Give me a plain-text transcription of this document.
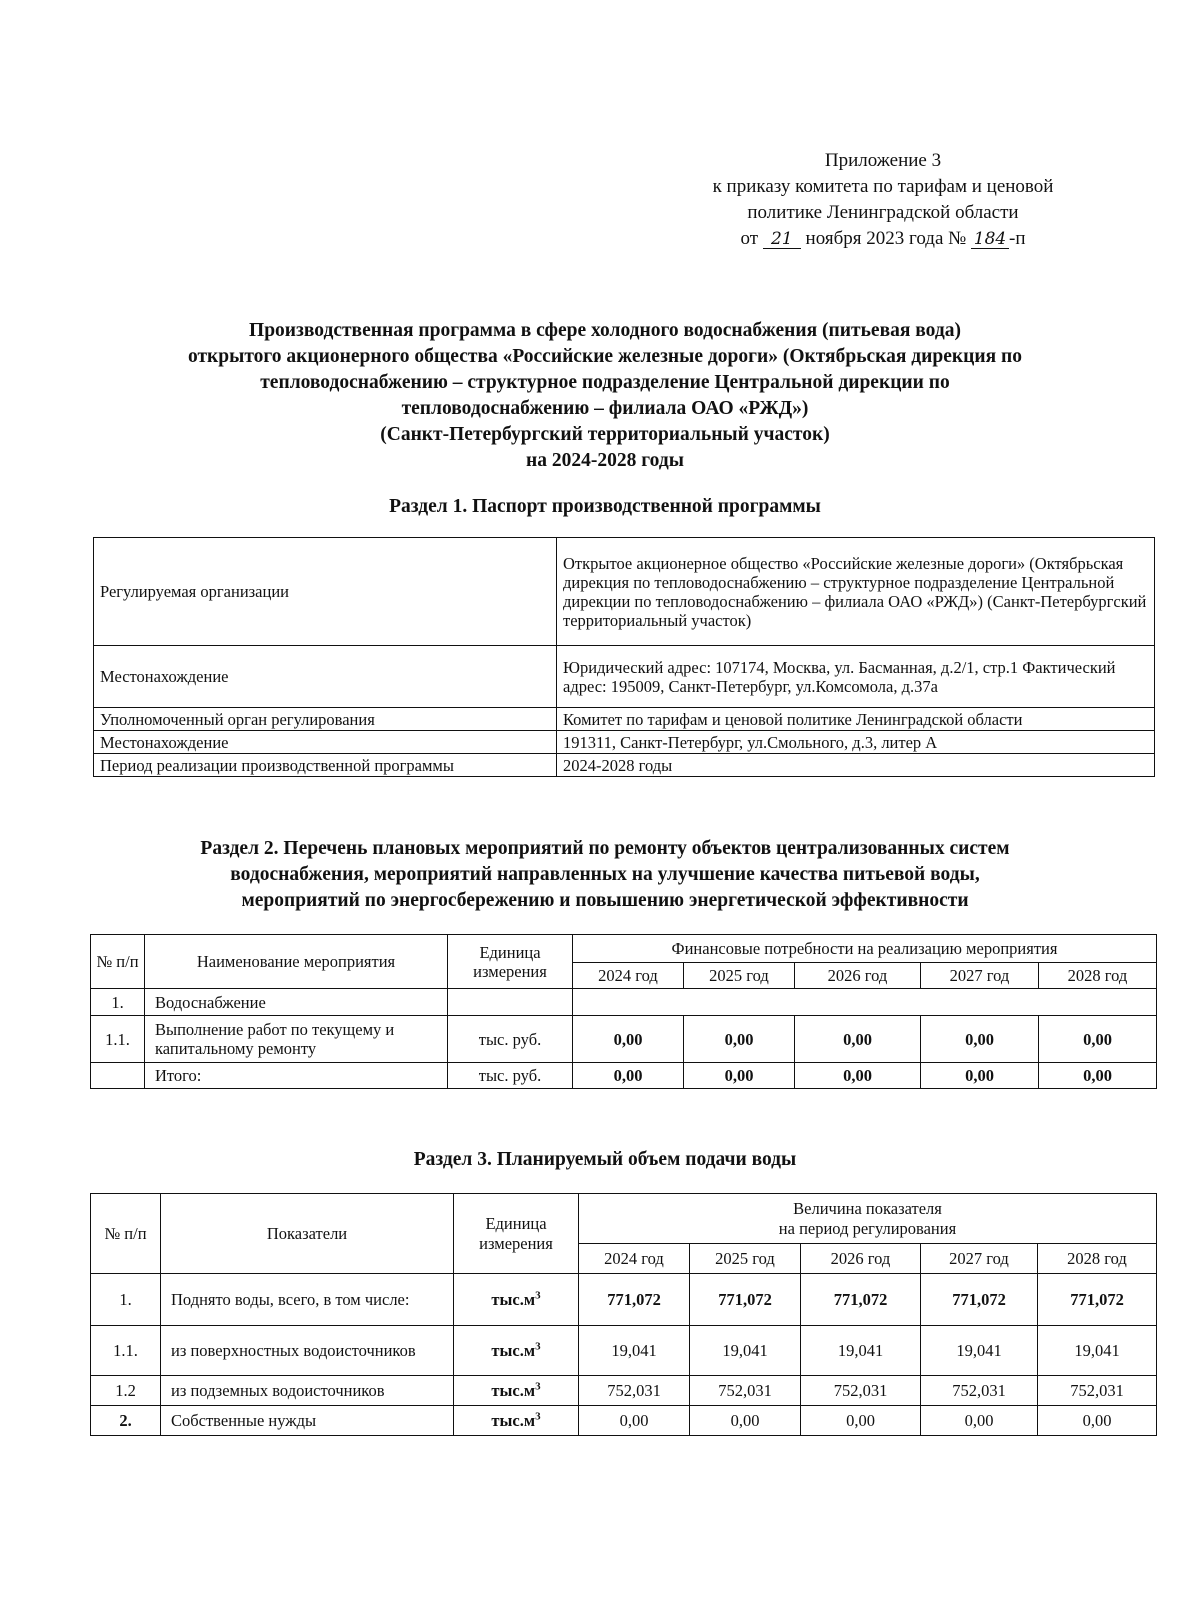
Приложение 3
к приказу комитета по тарифам и ценовой
политике Ленинградской области
от 21 ноября 2023 года № 184 -п
Производственная программа в сфере холодного водоснабжения (питьевая вода)
открытого акционерного общества «Российские железные дороги» (Октябрьская дирекция по
тепловодоснабжению – структурное подразделение Центральной дирекции по
тепловодоснабжению – филиала ОАО «РЖД»)
(Санкт-Петербургский территориальный участок)
на 2024-2028 годы
Раздел 1. Паспорт производственной программы
Регулируемая организации	Открытое акционерное общество «Российские железные дороги» (Октябрьская дирекция по тепловодоснабжению – структурное подразделение Центральной дирекции по тепловодоснабжению – филиала ОАО «РЖД») (Санкт-Петербургский территориальный участок)
Местонахождение	Юридический адрес: 107174, Москва, ул. Басманная, д.2/1, стр.1 Фактический адрес: 195009, Санкт-Петербург, ул.Комсомола, д.37а
Уполномоченный орган регулирования	Комитет по тарифам и ценовой политике Ленинградской области
Местонахождение	191311, Санкт-Петербург, ул.Смольного, д.3, литер А
Период реализации производственной программы	2024-2028 годы
Раздел 2. Перечень плановых мероприятий по ремонту объектов централизованных систем
водоснабжения, мероприятий направленных на улучшение качества питьевой воды,
мероприятий по энергосбережению и повышению энергетической эффективности
№ п/п	Наименование мероприятия	Единица измерения	Финансовые потребности на реализацию мероприятия				
			2024 год	2025 год	2026 год	2027 год	2028 год
1.	Водоснабжение						
1.1.	Выполнение работ по текущему и капитальному ремонту	тыс. руб.	0,00	0,00	0,00	0,00	0,00
	Итого:	тыс. руб.	0,00	0,00	0,00	0,00	0,00
Раздел 3. Планируемый объем подачи воды
№ п/п	Показатели	Единица измерения	Величина показателя
на период регулирования				

			2024 год	2025 год	2026 год	2027 год	2028 год
1.	Поднято воды, всего, в том числе:	$тыс.м^3$	771,072	771,072	771,072	771,072	771,072
1.1.	из поверхностных водоисточников	$тыс.м^3$	19,041	19,041	19,041	19,041	19,041
1.2	из подземных водоисточников	$тыс.м^3$	752,031	752,031	752,031	752,031	752,031
2.	Собственные нужды	$тыс.м^3$	0,00	0,00	0,00	0,00	0,00
